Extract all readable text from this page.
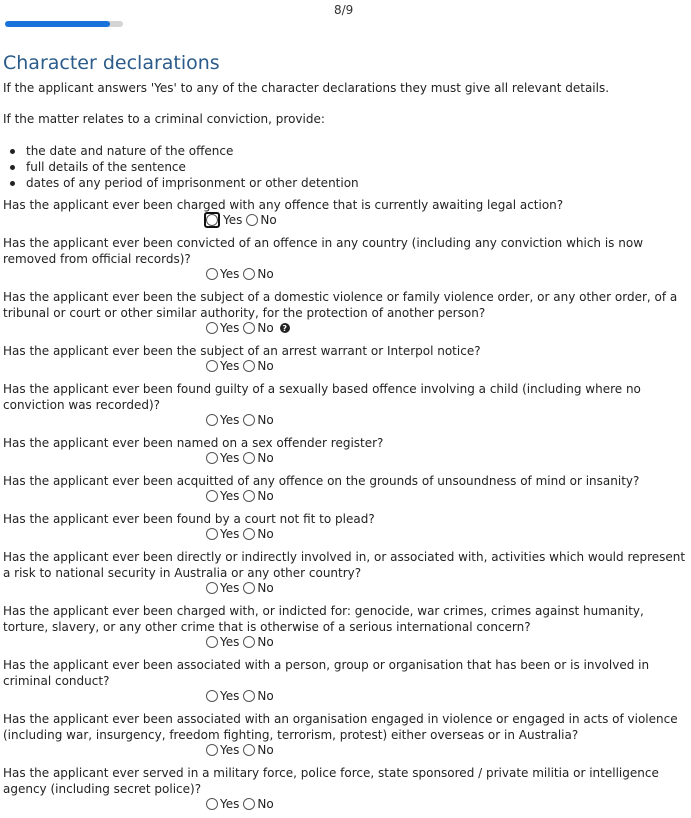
8/9
Character declarations

If the applicant answers 'Yes' to any of the character declarations they must give all relevant details.

If the matter relates to a criminal conviction, provide:

the date and nature of the offence
full details of the sentence
dates of any period of imprisonment or other detention

Has the applicant ever been charged with any offence that is currently awaiting legal action?

Yes No

Has the applicant ever been convicted of an offence in any country (including any conviction which is now removed from official records)?

Yes No

Has the applicant ever been the subject of a domestic violence or family violence order, or any other order, of a tribunal or court or other similar authority, for the protection of another person?

Yes No	?

Has the applicant ever been the subject of an arrest warrant or Interpol notice?

Yes No

Has the applicant ever been found guilty of a sexually based offence involving a child (including where no conviction was recorded)?

Yes No

Has the applicant ever been named on a sex offender register?

Yes No

Has the applicant ever been acquitted of any offence on the grounds of unsoundness of mind or insanity?

Yes No

Has the applicant ever been found by a court not fit to plead?

Yes No

Has the applicant ever been directly or indirectly involved in, or associated with, activities which would represent a risk to national security in Australia or any other country?

Yes No

Has the applicant ever been charged with, or indicted for: genocide, war crimes, crimes against humanity, torture, slavery, or any other crime that is otherwise of a serious international concern?

Yes No

Has the applicant ever been associated with a person, group or organisation that has been or is involved in criminal conduct?

Yes No

Has the applicant ever been associated with an organisation engaged in violence or engaged in acts of violence (including war, insurgency, freedom fighting, terrorism, protest) either overseas or in Australia?

Yes No

Has the applicant ever served in a military force, police force, state sponsored / private militia or intelligence agency (including secret police)?

Yes No
